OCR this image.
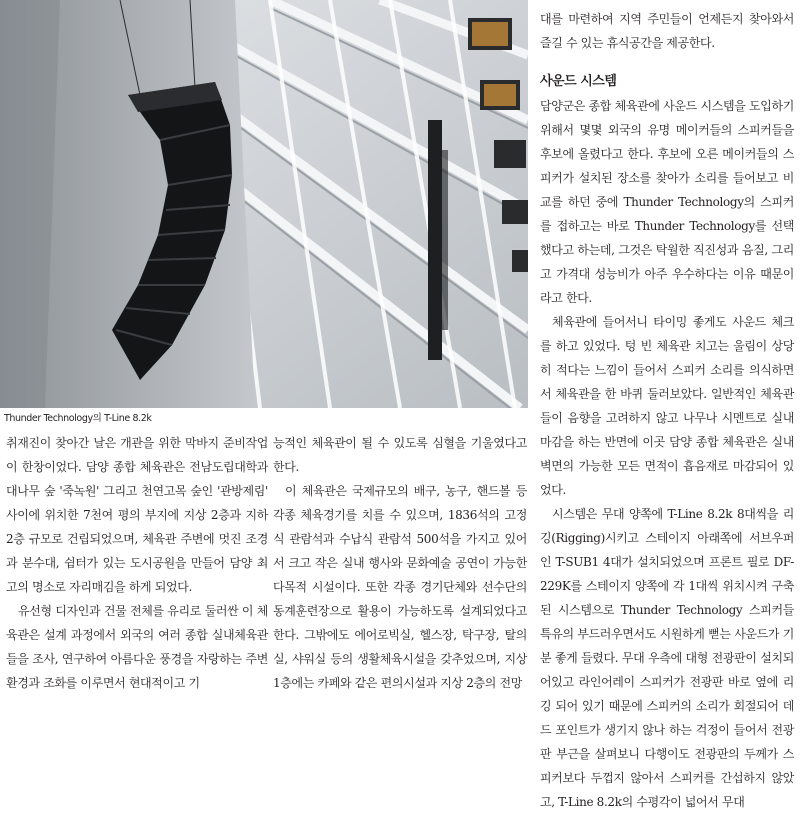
Thunder Technology의 T-Line 8.2k

취재진이 찾아간 날은 개관을 위한 막바지 준비작업이 한창이었다. 담양 종합 체육관은 전남도립대학과 대나무 숲 '죽녹원' 그리고 천연고목 숲인 '관방제림' 사이에 위치한 7천여 평의 부지에 지상 2층과 지하 2층 규모로 건립되었으며, 체육관 주변에 멋진 조경과 분수대, 쉼터가 있는 도시공원을 만들어 담양 최고의 명소로 자리매김을 하게 되었다.

유선형 디자인과 건물 전체를 유리로 둘러싼 이 체육관은 설계 과정에서 외국의 여러 종합 실내체육관들을 조사, 연구하여 아름다운 풍경을 자랑하는 주변 환경과 조화를 이루면서 현대적이고 기

능적인 체육관이 될 수 있도록 심혈을 기울였다고 한다.

이 체육관은 국제규모의 배구, 농구, 핸드볼 등 각종 체육경기를 치를 수 있으며, 1836석의 고정식 관람석과 수납식 관람석 500석을 가지고 있어서 크고 작은 실내 행사와 문화예술 공연이 가능한 다목적 시설이다. 또한 각종 경기단체와 선수단의 동계훈련장으로 활용이 가능하도록 설계되었다고 한다. 그밖에도 에어로빅실, 헬스장, 탁구장, 탈의실, 샤워실 등의 생활체육시설을 갖추었으며, 지상 1층에는 카페와 같은 편의시설과 지상 2층의 전망

대를 마련하여 지역 주민들이 언제든지 찾아와서 즐길 수 있는 휴식공간을 제공한다.

사운드 시스템

담양군은 종합 체육관에 사운드 시스템을 도입하기 위해서 몇몇 외국의 유명 메이커들의 스피커들을 후보에 올렸다고 한다. 후보에 오른 메이커들의 스피커가 설치된 장소를 찾아가 소리를 들어보고 비교를 하던 중에 Thunder Technology의 스피커를 접하고는 바로 Thunder Technology를 선택했다고 하는데, 그것은 탁월한 직진성과 음질, 그리고 가격대 성능비가 아주 우수하다는 이유 때문이라고 한다.

체육관에 들어서니 타이밍 좋게도 사운드 체크를 하고 있었다. 텅 빈 체육관 치고는 울림이 상당히 적다는 느낌이 들어서 스피커 소리를 의식하면서 체육관을 한 바퀴 둘러보았다. 일반적인 체육관들이 음향을 고려하지 않고 나무나 시멘트로 실내 마감을 하는 반면에 이곳 담양 종합 체육관은 실내 벽면의 가능한 모든 면적이 흡음재로 마감되어 있었다.

시스템은 무대 양쪽에 T-Line 8.2k 8대씩을 리깅(Rigging)시키고 스테이지 아래쪽에 서브우퍼인 T-SUB1 4대가 설치되었으며 프론트 필로 DF-229K를 스테이지 양쪽에 각 1대씩 위치시켜 구축된 시스템으로 Thunder Technology 스피커들 특유의 부드러우면서도 시원하게 뻗는 사운드가 기분 좋게 들렸다. 무대 우측에 대형 전광판이 설치되어있고 라인어레이 스피커가 전광판 바로 옆에 리깅 되어 있기 때문에 스피커의 소리가 회절되어 데드 포인트가 생기지 않나 하는 걱정이 들어서 전광판 부근을 살펴보니 다행이도 전광판의 두께가 스피커보다 두껍지 않아서 스피커를 간섭하지 않았고, T-Line 8.2k의 수평각이 넓어서 무대
